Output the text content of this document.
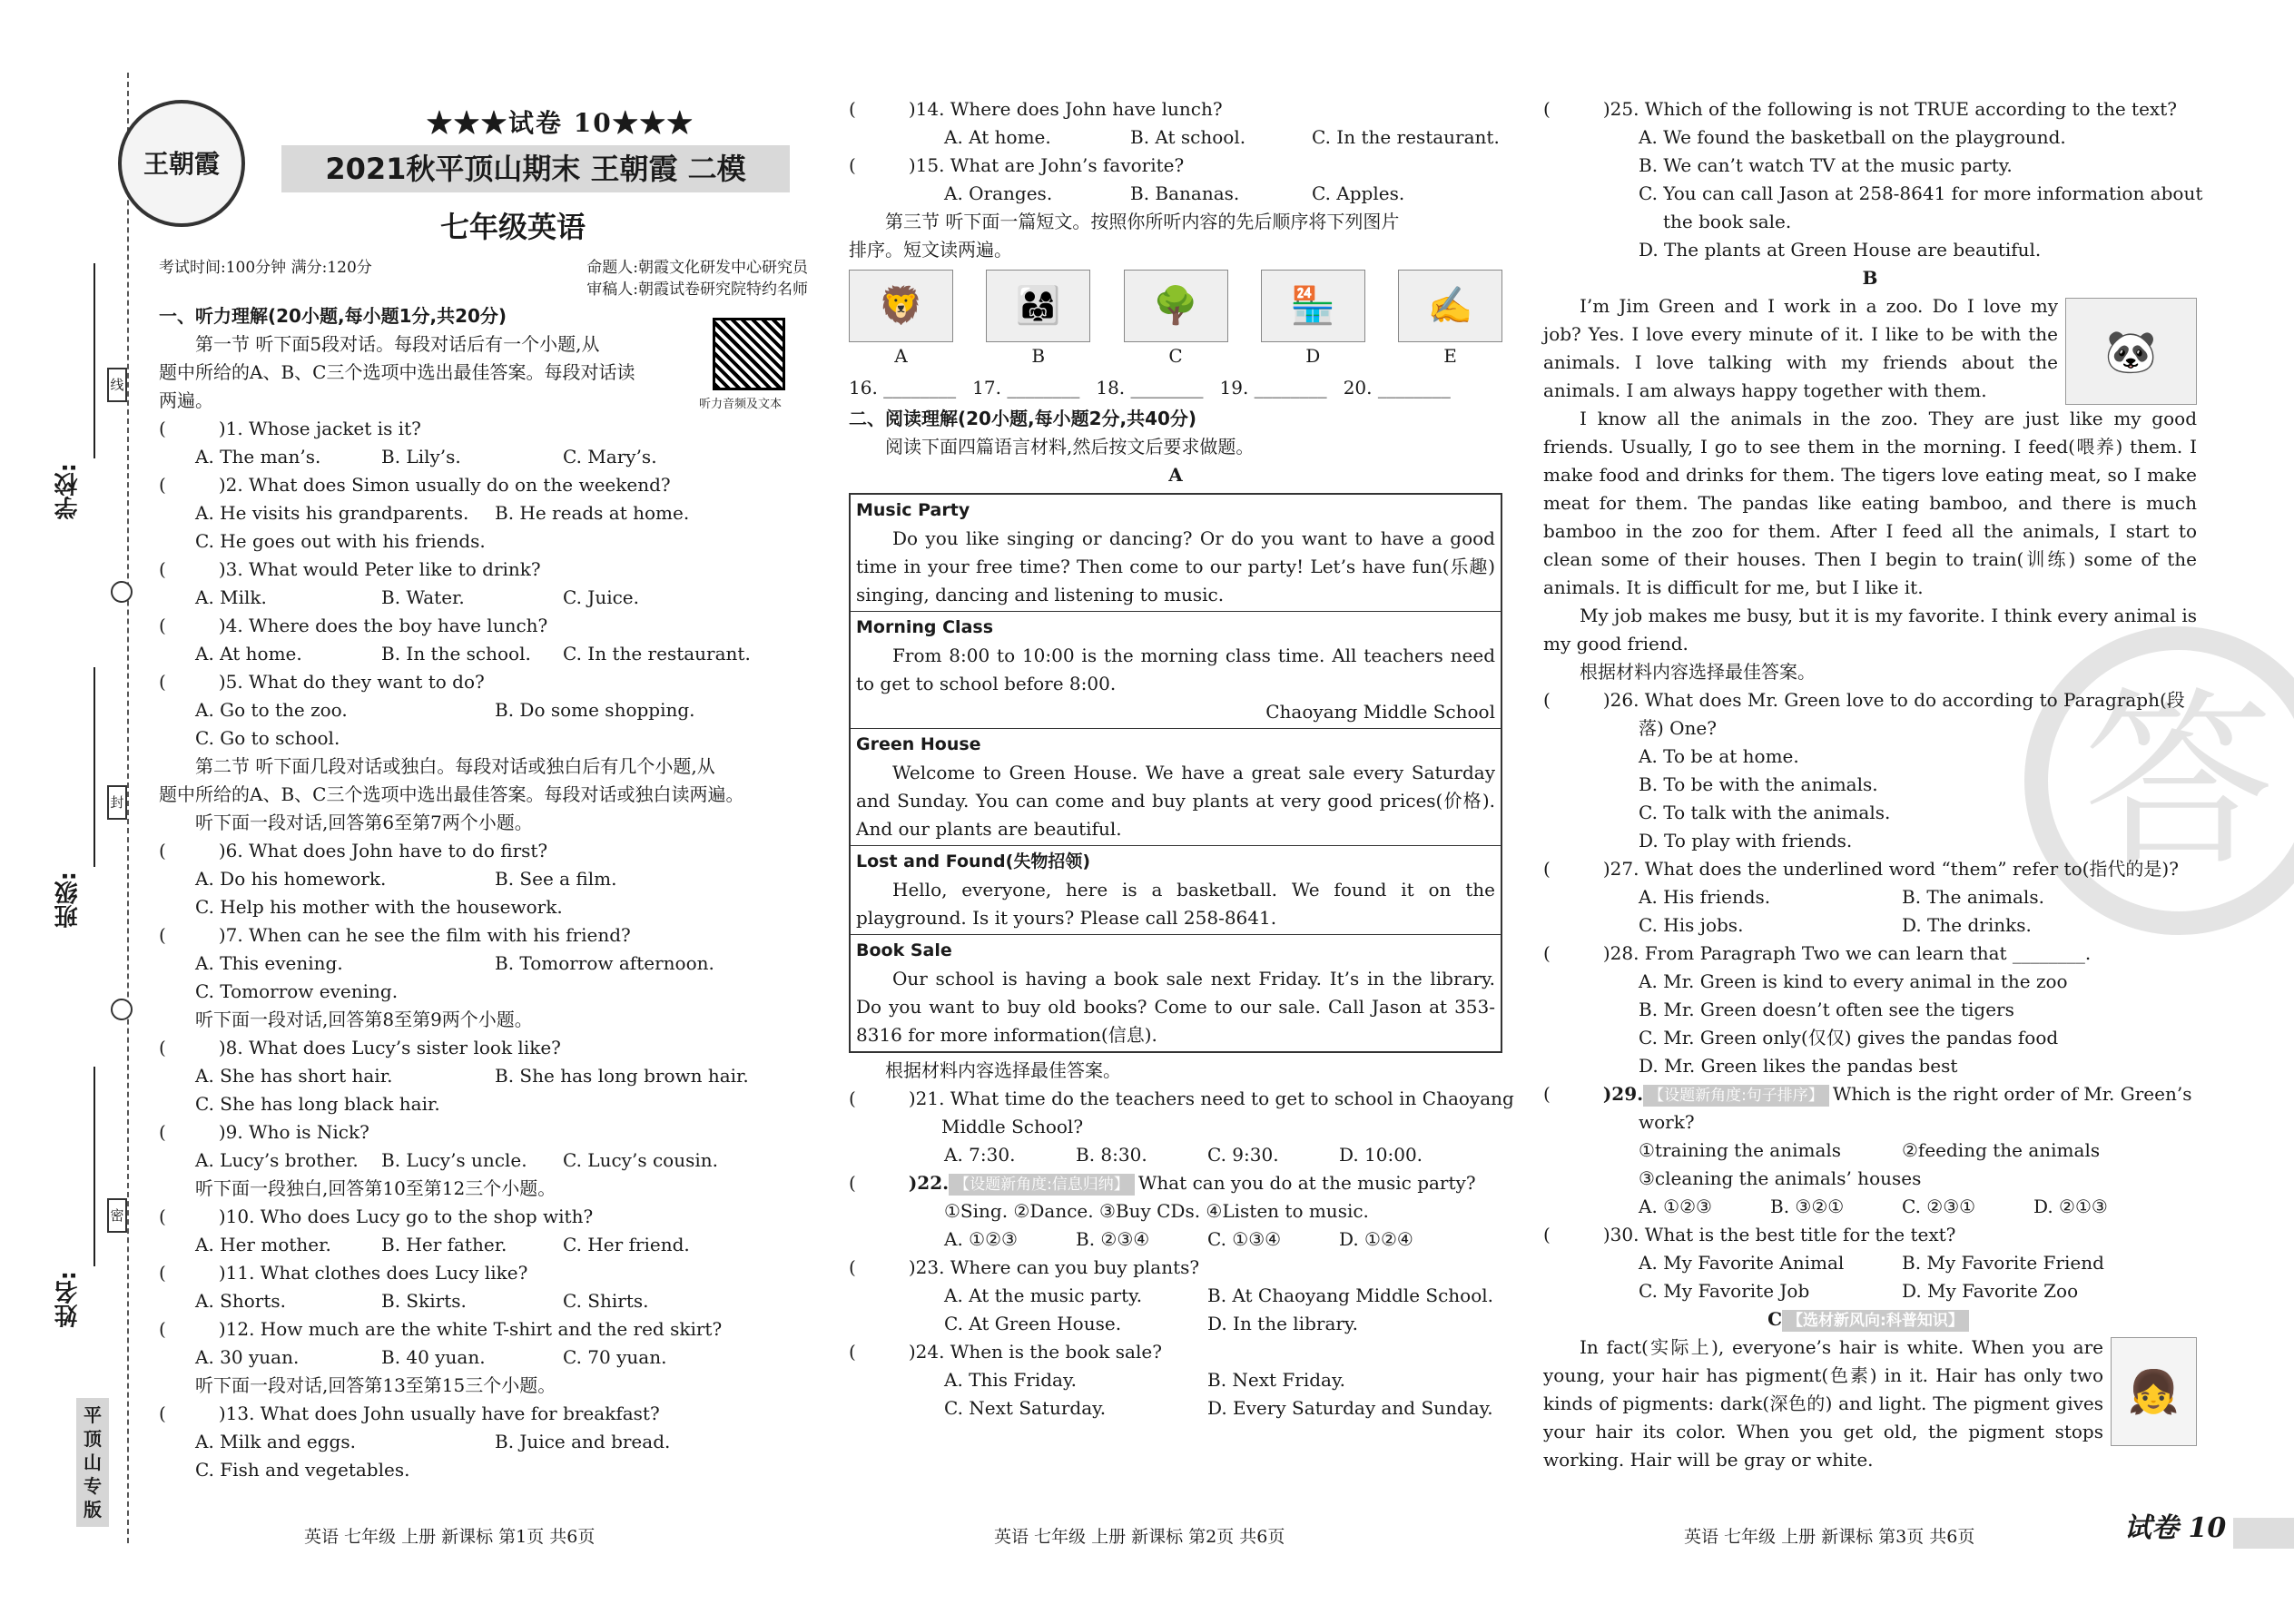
学校:
班级:
姓名:
线
封
密
平顶山专版
王朝霞
★★★试卷 10★★★
2021秋平顶山期末 王朝霞 二模
七年级英语
考试时间:100分钟 满分:120分	命题人:朝霞文化研发中心研究员
审稿人:朝霞试卷研究院特约名师
听力音频及文本
一、听力理解(20小题,每小题1分,共20分)
第一节 听下面5段对话。每段对话后有一个小题,从
题中所给的A、B、C三个选项中选出最佳答案。每段对话读
两遍。
(	)1. Whose jacket is it?
A. The man’s.	B. Lily’s.	C. Mary’s.
(	)2. What does Simon usually do on the weekend?
A. He visits his grandparents.	B. He reads at home.
C. He goes out with his friends.
(	)3. What would Peter like to drink?
A. Milk.	B. Water.	C. Juice.
(	)4. Where does the boy have lunch?
A. At home.	B. In the school.	C. In the restaurant.
(	)5. What do they want to do?
A. Go to the zoo.	B. Do some shopping.
C. Go to school.
第二节 听下面几段对话或独白。每段对话或独白后有几个小题,从
题中所给的A、B、C三个选项中选出最佳答案。每段对话或独白读两遍。
听下面一段对话,回答第6至第7两个小题。
(	)6. What does John have to do first?
A. Do his homework.	B. See a film.
C. Help his mother with the housework.
(	)7. When can he see the film with his friend?
A. This evening.	B. Tomorrow afternoon.
C. Tomorrow evening.
听下面一段对话,回答第8至第9两个小题。
(	)8. What does Lucy’s sister look like?
A. She has short hair.	B. She has long brown hair.
C. She has long black hair.
(	)9. Who is Nick?
A. Lucy’s brother.	B. Lucy’s uncle.	C. Lucy’s cousin.
听下面一段独白,回答第10至第12三个小题。
(	)10. Who does Lucy go to the shop with?
A. Her mother.	B. Her father.	C. Her friend.
(	)11. What clothes does Lucy like?
A. Shorts.	B. Skirts.	C. Shirts.
(	)12. How much are the white T-shirt and the red skirt?
A. 30 yuan.	B. 40 yuan.	C. 70 yuan.
听下面一段对话,回答第13至第15三个小题。
(	)13. What does John usually have for breakfast?
A. Milk and eggs.	B. Juice and bread.
C. Fish and vegetables.
(	)14. Where does John have lunch?
A. At home.	B. At school.	C. In the restaurant.
(	)15. What are John’s favorite?
A. Oranges.	B. Bananas.	C. Apples.
第三节 听下面一篇短文。按照你所听内容的先后顺序将下列图片
排序。短文读两遍。
🦁
A
👨‍👩‍👧
B
🌳
C
🏪
D
✍
E
16. ________ 17. ________ 18. ________ 19. ________ 20. ________
二、阅读理解(20小题,每小题2分,共40分)
阅读下面四篇语言材料,然后按文后要求做题。
A
Music Party
Do you like singing or dancing? Or do you want to have a good time in your free time? Then come to our party! Let’s have fun(乐趣) singing, dancing and listening to music.
Morning Class
From 8:00 to 10:00 is the morning class time. All teachers need to get to school before 8:00.
Chaoyang Middle School
Green House
Welcome to Green House. We have a great sale every Saturday and Sunday. You can come and buy plants at very good prices(价格). And our plants are beautiful.
Lost and Found(失物招领)
Hello, everyone, here is a basketball. We found it on the playground. Is it yours? Please call 258-8641.
Book Sale
Our school is having a book sale next Friday. It’s in the library. Do you want to buy old books? Come to our sale. Call Jason at 353-8316 for more information(信息).
根据材料内容选择最佳答案。
(	)21. What time do the teachers need to get to school in Chaoyang
Middle School?
A. 7:30.	B. 8:30.	C. 9:30.	D. 10:00.
(	)22. 【设题新角度:信息归纳】 What can you do at the music party?
①Sing. ②Dance. ③Buy CDs. ④Listen to music.
A. ①②③	B. ②③④	C. ①③④	D. ①②④
(	)23. Where can you buy plants?
A. At the music party.	B. At Chaoyang Middle School.
C. At Green House.	D. In the library.
(	)24. When is the book sale?
A. This Friday.	B. Next Friday.
C. Next Saturday.	D. Every Saturday and Sunday.
答
(	)25. Which of the following is not TRUE according to the text?
A. We found the basketball on the playground.
B. We can’t watch TV at the music party.
C. You can call Jason at 258-8641 for more information about
the book sale.
D. The plants at Green House are beautiful.
B
🐼
I’m Jim Green and I work in a zoo. Do I love my job? Yes. I love every minute of it. I like to be with the animals. I love talking with my friends about the animals. I am always happy together with them.
I know all the animals in the zoo. They are just like my good friends. Usually, I go to see them in the morning. I feed(喂养) them. I make food and drinks for them. The tigers love eating meat, so I make meat for them. The pandas like eating bamboo, and there is much bamboo in the zoo for them. After I feed all the animals, I start to clean some of their houses. Then I begin to train(训练) some of the animals. It is difficult for me, but I like it.
My job makes me busy, but it is my favorite. I think every animal is my good friend.
根据材料内容选择最佳答案。
(	)26. What does Mr. Green love to do according to Paragraph(段
落) One?
A. To be at home.
B. To be with the animals.
C. To talk with the animals.
D. To play with friends.
(	)27. What does the underlined word “them” refer to(指代的是)?
A. His friends.	B. The animals.
C. His jobs.	D. The drinks.
(	)28. From Paragraph Two we can learn that ________.
A. Mr. Green is kind to every animal in the zoo
B. Mr. Green doesn’t often see the tigers
C. Mr. Green only(仅仅) gives the pandas food
D. Mr. Green likes the pandas best
(	)29. 【设题新角度:句子排序】 Which is the right order of Mr. Green’s
work?
①training the animals	②feeding the animals
③cleaning the animals’ houses
A. ①②③	B. ③②①	C. ②③①	D. ②①③
(	)30. What is the best title for the text?
A. My Favorite Animal	B. My Favorite Friend
C. My Favorite Job	D. My Favorite Zoo
C 【选材新风向:科普知识】
👧
In fact(实际上), everyone’s hair is white. When you are young, your hair has pigment(色素) in it. Hair has only two kinds of pigments: dark(深色的) and light. The pigment gives your hair its color. When you get old, the pigment stops working. Hair will be gray or white.
英语 七年级 上册 新课标 第1页 共6页	英语 七年级 上册 新课标 第2页 共6页	英语 七年级 上册 新课标 第3页 共6页	试卷 10
